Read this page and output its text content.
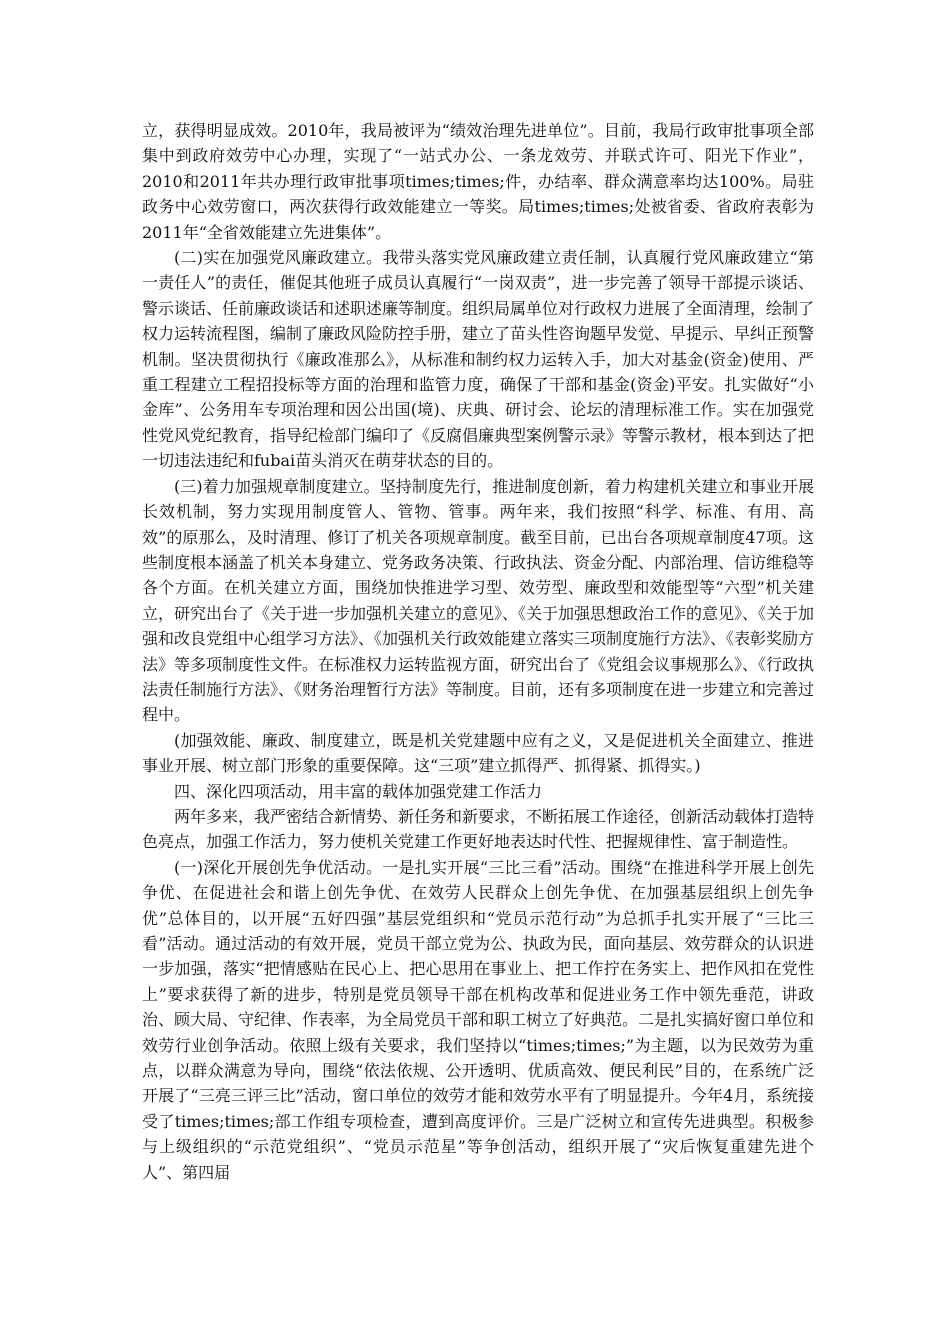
立，获得明显成效。2010年，我局被评为“绩效治理先进单位”。目前，我局行政审批事项全部集中到政府效劳中心办理，实现了“一站式办公、一条龙效劳、并联式许可、阳光下作业”，2010和2011年共办理行政审批事项times;times;件，办结率、群众满意率均达100%。局驻政务中心效劳窗口，两次获得行政效能建立一等奖。局times;times;处被省委、省政府表彰为2011年“全省效能建立先进集体”。

(二)实在加强党风廉政建立。我带头落实党风廉政建立责任制，认真履行党风廉政建立“第一责任人”的责任，催促其他班子成员认真履行“一岗双责”，进一步完善了领导干部提示谈话、警示谈话、任前廉政谈话和述职述廉等制度。组织局属单位对行政权力进展了全面清理，绘制了权力运转流程图，编制了廉政风险防控手册，建立了苗头性咨询题早发觉、早提示、早纠正预警机制。坚决贯彻执行《廉政准那么》，从标准和制约权力运转入手，加大对基金(资金)使用、严重工程建立工程招投标等方面的治理和监管力度，确保了干部和基金(资金)平安。扎实做好“小金库”、公务用车专项治理和因公出国(境)、庆典、研讨会、论坛的清理标准工作。实在加强党性党风党纪教育，指导纪检部门编印了《反腐倡廉典型案例警示录》等警示教材，根本到达了把一切违法违纪和fubai苗头消灭在萌芽状态的目的。

(三)着力加强规章制度建立。坚持制度先行，推进制度创新，着力构建机关建立和事业开展长效机制，努力实现用制度管人、管物、管事。两年来，我们按照“科学、标准、有用、高效”的原那么，及时清理、修订了机关各项规章制度。截至目前，已出台各项规章制度47项。这些制度根本涵盖了机关本身建立、党务政务决策、行政执法、资金分配、内部治理、信访维稳等各个方面。在机关建立方面，围绕加快推进学习型、效劳型、廉政型和效能型等“六型”机关建立，研究出台了《关于进一步加强机关建立的意见》、《关于加强思想政治工作的意见》、《关于加强和改良党组中心组学习方法》、《加强机关行政效能建立落实三项制度施行方法》、《表彰奖励方法》等多项制度性文件。在标准权力运转监视方面，研究出台了《党组会议事规那么》、《行政执法责任制施行方法》、《财务治理暂行方法》等制度。目前，还有多项制度在进一步建立和完善过程中。

(加强效能、廉政、制度建立，既是机关党建题中应有之义，又是促进机关全面建立、推进事业开展、树立部门形象的重要保障。这“三项”建立抓得严、抓得紧、抓得实。)

四、深化四项活动，用丰富的载体加强党建工作活力

两年多来，我严密结合新情势、新任务和新要求，不断拓展工作途径，创新活动载体打造特色亮点，加强工作活力，努力使机关党建工作更好地表达时代性、把握规律性、富于制造性。

(一)深化开展创先争优活动。一是扎实开展“三比三看”活动。围绕“在推进科学开展上创先争优、在促进社会和谐上创先争优、在效劳人民群众上创先争优、在加强基层组织上创先争优”总体目的，以开展“五好四强”基层党组织和“党员示范行动”为总抓手扎实开展了“三比三看”活动。通过活动的有效开展，党员干部立党为公、执政为民，面向基层、效劳群众的认识进一步加强，落实“把情感贴在民心上、把心思用在事业上、把工作拧在务实上、把作风扣在党性上”要求获得了新的进步，特别是党员领导干部在机构改革和促进业务工作中领先垂范，讲政治、顾大局、守纪律、作表率，为全局党员干部和职工树立了好典范。二是扎实搞好窗口单位和效劳行业创争活动。依照上级有关要求，我们坚持以“times;times;”为主题，以为民效劳为重点，以群众满意为导向，围绕“依法依规、公开透明、优质高效、便民利民”目的，在系统广泛开展了“三亮三评三比”活动，窗口单位的效劳才能和效劳水平有了明显提升。今年4月，系统接受了times;times;部工作组专项检查，遭到高度评价。三是广泛树立和宣传先进典型。积极参与上级组织的“示范党组织”、“党员示范星”等争创活动，组织开展了“灾后恢复重建先进个人”、第四届
